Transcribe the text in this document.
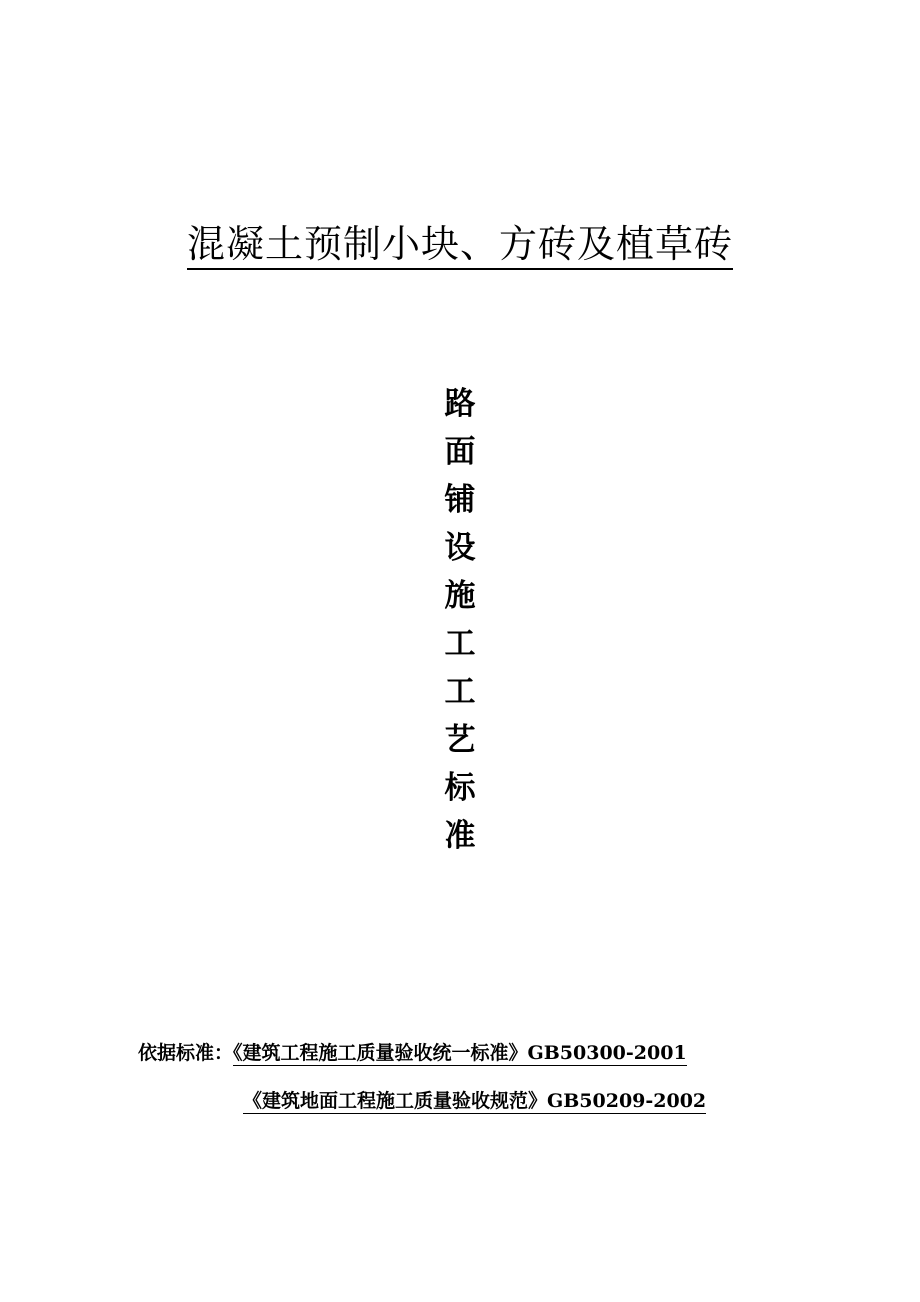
混凝土预制小块、方砖及植草砖
路
面
铺
设
施
工
工
艺
标
准
依据标准：《建筑工程施工质量验收统一标准》GB50300-2001
《建筑地面工程施工质量验收规范》GB50209-2002
